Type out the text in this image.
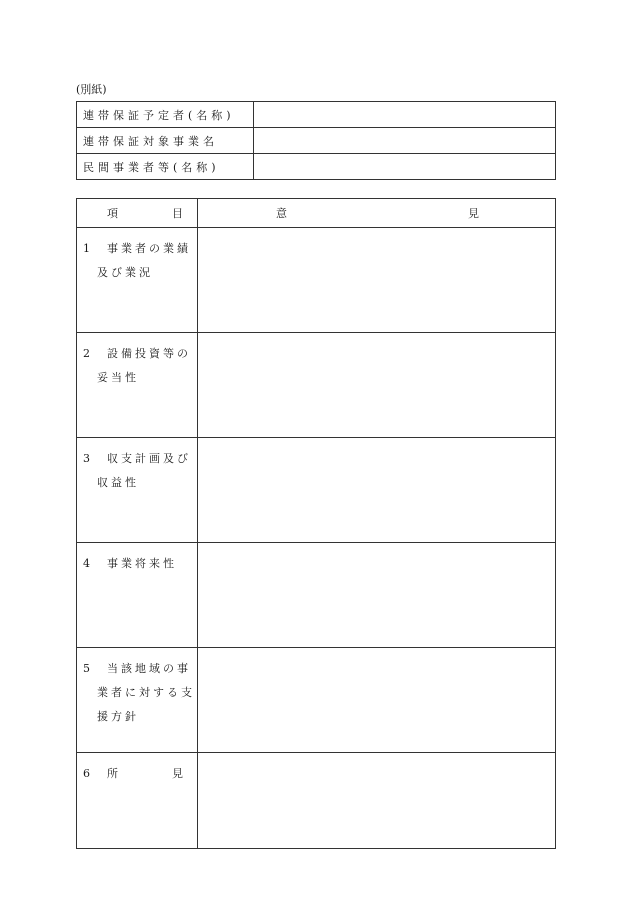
(別紙)
連帯保証予定者(名称)	
連帯保証対象事業名	
民間事業者等(名称)	
項 目	意 見

1　事業者の業績
　及び業況	

2　設備投資等の
　妥当性	

3　収支計画及び
　収益性	

4　事業将来性	

5　当該地域の事
　業者に対する支
　援方針	

6　所 見	
